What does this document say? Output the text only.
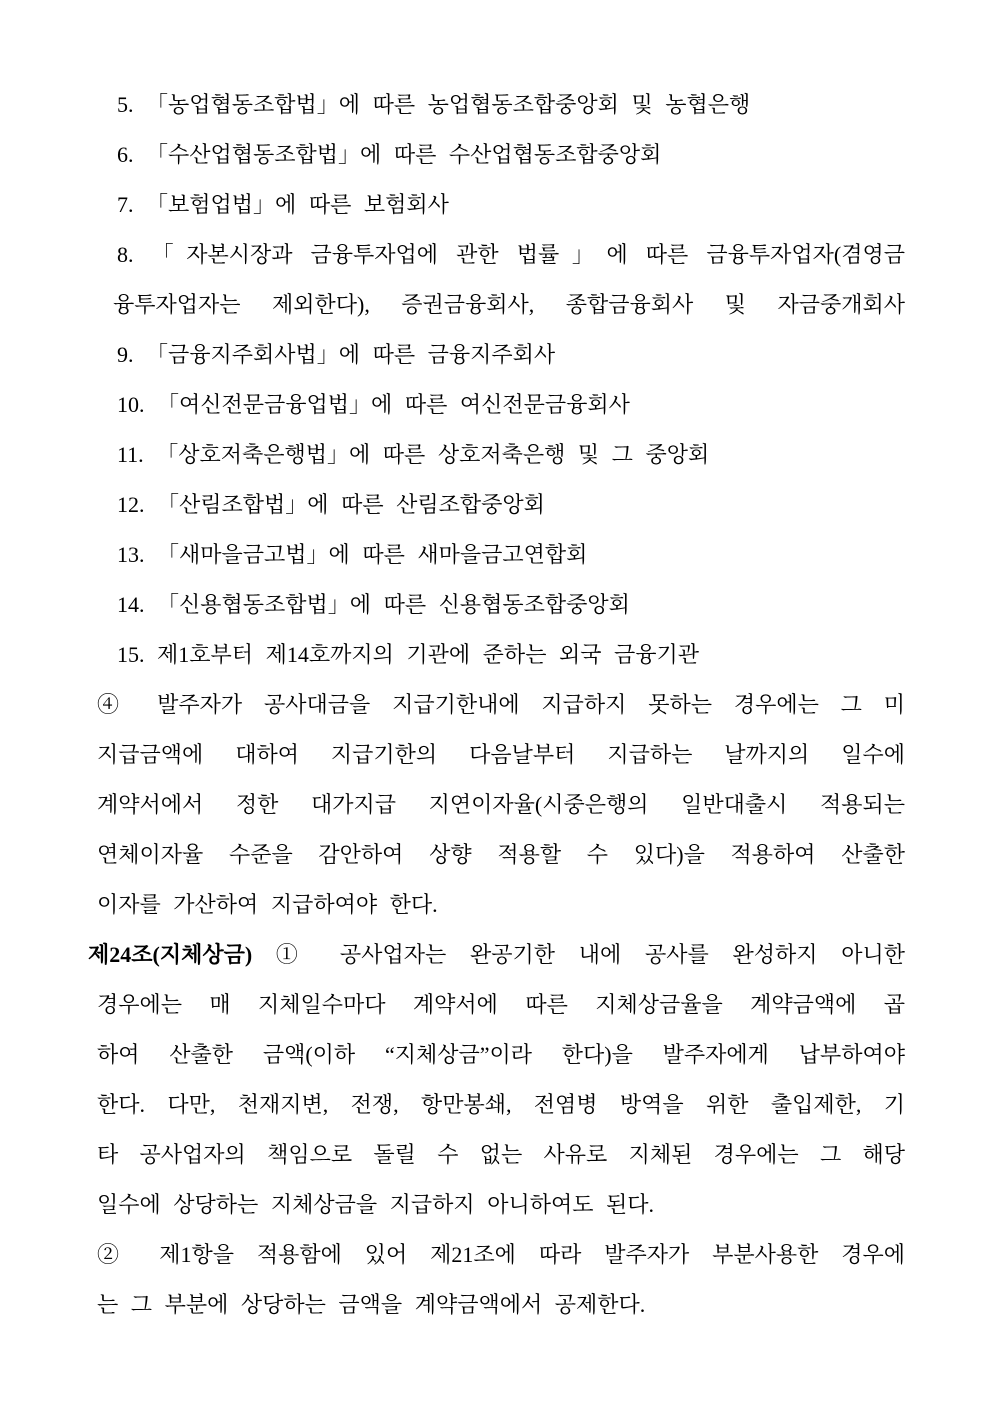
5. 「농업협동조합법」에 따른 농업협동조합중앙회 및 농협은행
6. 「수산업협동조합법」에 따른 수산업협동조합중앙회
7. 「보험업법」에 따른 보험회사
8. 「자본시장과 금융투자업에 관한 법률」에 따른 금융투자업자(겸영금
융투자업자는 제외한다), 증권금융회사, 종합금융회사 및 자금중개회사
9. 「금융지주회사법」에 따른 금융지주회사
10. 「여신전문금융업법」에 따른 여신전문금융회사
11. 「상호저축은행법」에 따른 상호저축은행 및 그 중앙회
12. 「산림조합법」에 따른 산림조합중앙회
13. 「새마을금고법」에 따른 새마을금고연합회
14. 「신용협동조합법」에 따른 신용협동조합중앙회
15. 제1호부터 제14호까지의 기관에 준하는 외국 금융기관
④ 발주자가 공사대금을 지급기한내에 지급하지 못하는 경우에는 그 미
지급금액에 대하여 지급기한의 다음날부터 지급하는 날까지의 일수에
계약서에서 정한 대가지급 지연이자율(시중은행의 일반대출시 적용되는
연체이자율 수준을 감안하여 상향 적용할 수 있다)을 적용하여 산출한
이자를 가산하여 지급하여야 한다.
제24조(지체상금) ① 공사업자는 완공기한 내에 공사를 완성하지 아니한
경우에는 매 지체일수마다 계약서에 따른 지체상금율을 계약금액에 곱
하여 산출한 금액(이하 “지체상금”이라 한다)을 발주자에게 납부하여야
한다. 다만, 천재지변, 전쟁, 항만봉쇄, 전염병 방역을 위한 출입제한, 기
타 공사업자의 책임으로 돌릴 수 없는 사유로 지체된 경우에는 그 해당
일수에 상당하는 지체상금을 지급하지 아니하여도 된다.
② 제1항을 적용함에 있어 제21조에 따라 발주자가 부분사용한 경우에
는 그 부분에 상당하는 금액을 계약금액에서 공제한다.
